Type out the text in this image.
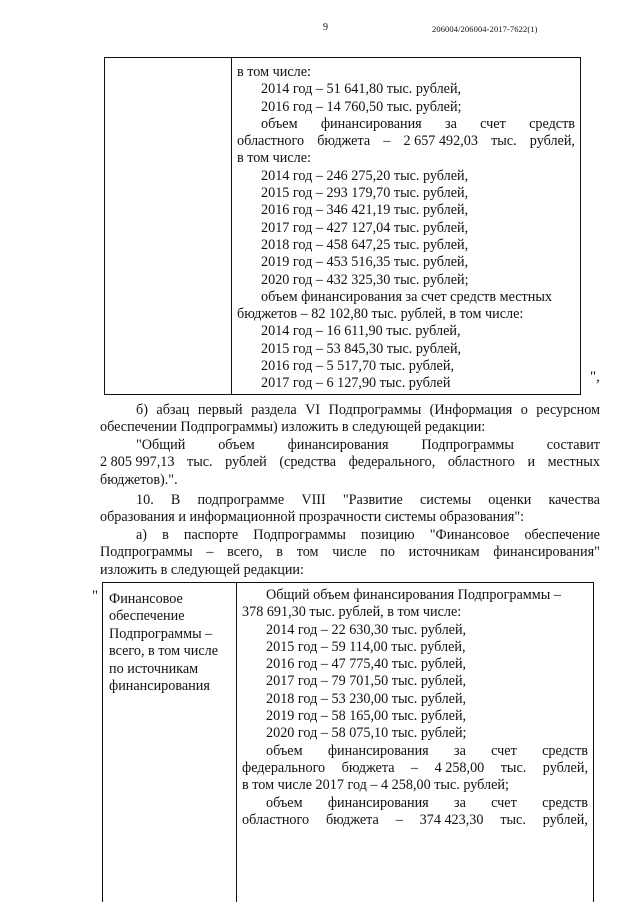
9	206004/206004-2017-7622(1)
в том числе:
2014 год – 51 641,80 тыс. рублей,
2016 год – 14 760,50 тыс. рублей;
объем финансирования за счет средств
областного бюджета – 2 657 492,03 тыс. рублей,
в том числе:
2014 год – 246 275,20 тыс. рублей,
2015 год – 293 179,70 тыс. рублей,
2016 год – 346 421,19 тыс. рублей,
2017 год – 427 127,04 тыс. рублей,
2018 год – 458 647,25 тыс. рублей,
2019 год – 453 516,35 тыс. рублей,
2020 год – 432 325,30 тыс. рублей;
объем финансирования за счет средств местных
бюджетов – 82 102,80 тыс. рублей, в том числе:
2014 год – 16 611,90 тыс. рублей,
2015 год – 53 845,30 тыс. рублей,
2016 год – 5 517,70 тыс. рублей,
2017 год – 6 127,90 тыс. рублей	",
б) абзац первый раздела VI Подпрограммы (Информация о ресурсном
обеспечении Подпрограммы) изложить в следующей редакции:
"Общий объем финансирования Подпрограммы составит
2 805 997,13 тыс. рублей (средства федерального, областного и местных
бюджетов).".
10. В подпрограмме VIII "Развитие системы оценки качества
образования и информационной прозрачности системы образования":
а) в паспорте Подпрограммы позицию "Финансовое обеспечение
Подпрограммы – всего, в том числе по источникам финансирования"
изложить в следующей редакции:
" Финансовое
обеспечение
Подпрограммы –
всего, в том числе
по источникам
финансирования
Общий объем финансирования Подпрограммы –
378 691,30 тыс. рублей, в том числе:
2014 год – 22 630,30 тыс. рублей,
2015 год – 59 114,00 тыс. рублей,
2016 год – 47 775,40 тыс. рублей,
2017 год – 79 701,50 тыс. рублей,
2018 год – 53 230,00 тыс. рублей,
2019 год – 58 165,00 тыс. рублей,
2020 год – 58 075,10 тыс. рублей;
объем финансирования за счет средств
федерального бюджета – 4 258,00 тыс. рублей,
в том числе 2017 год – 4 258,00 тыс. рублей;
объем финансирования за счет средств
областного бюджета – 374 423,30 тыс. рублей,
